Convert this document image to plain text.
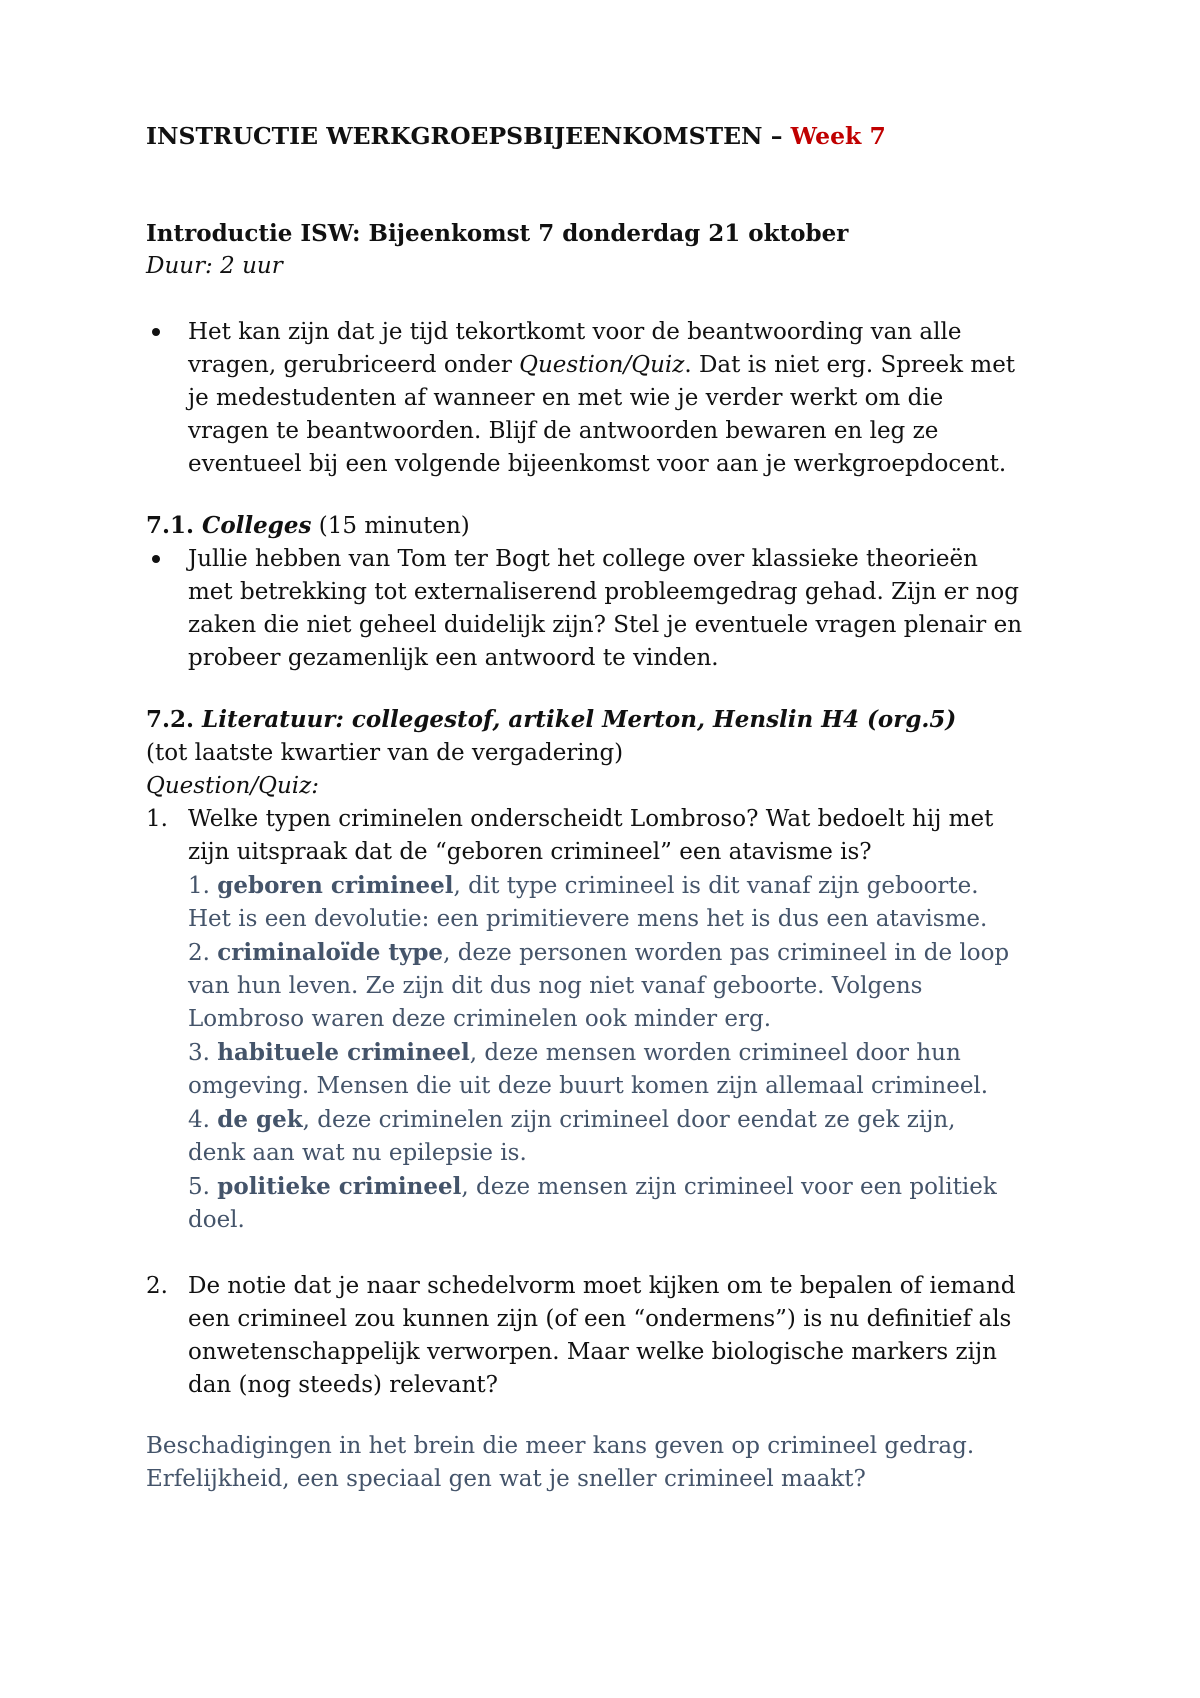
INSTRUCTIE WERKGROEPSBIJEENKOMSTEN – Week 7

Introductie ISW: Bijeenkomst 7 donderdag 21 oktober

Duur: 2 uur

Het kan zijn dat je tijd tekortkomt voor de beantwoording van alle

vragen, gerubriceerd onder Question/Quiz. Dat is niet erg. Spreek met

je medestudenten af wanneer en met wie je verder werkt om die

vragen te beantwoorden. Blijf de antwoorden bewaren en leg ze

eventueel bij een volgende bijeenkomst voor aan je werkgroepdocent.

7.1. Colleges (15 minuten)

Jullie hebben van Tom ter Bogt het college over klassieke theorieën

met betrekking tot externaliserend probleemgedrag gehad. Zijn er nog

zaken die niet geheel duidelijk zijn? Stel je eventuele vragen plenair en

probeer gezamenlijk een antwoord te vinden.

7.2. Literatuur: collegestof, artikel Merton, Henslin H4 (org.5)

(tot laatste kwartier van de vergadering)

Question/Quiz:

1. Welke typen criminelen onderscheidt Lombroso? Wat bedoelt hij met

zijn uitspraak dat de “geboren crimineel” een atavisme is?

1. geboren crimineel, dit type crimineel is dit vanaf zijn geboorte.

Het is een devolutie: een primitievere mens het is dus een atavisme.

2. criminaloïde type, deze personen worden pas crimineel in de loop

van hun leven. Ze zijn dit dus nog niet vanaf geboorte. Volgens

Lombroso waren deze criminelen ook minder erg.

3. habituele crimineel, deze mensen worden crimineel door hun

omgeving. Mensen die uit deze buurt komen zijn allemaal crimineel.

4. de gek, deze criminelen zijn crimineel door eendat ze gek zijn,

denk aan wat nu epilepsie is.

5. politieke crimineel, deze mensen zijn crimineel voor een politiek

doel.

2. De notie dat je naar schedelvorm moet kijken om te bepalen of iemand

een crimineel zou kunnen zijn (of een “ondermens”) is nu definitief als

onwetenschappelijk verworpen. Maar welke biologische markers zijn

dan (nog steeds) relevant?

Beschadigingen in het brein die meer kans geven op crimineel gedrag.

Erfelijkheid, een speciaal gen wat je sneller crimineel maakt?
